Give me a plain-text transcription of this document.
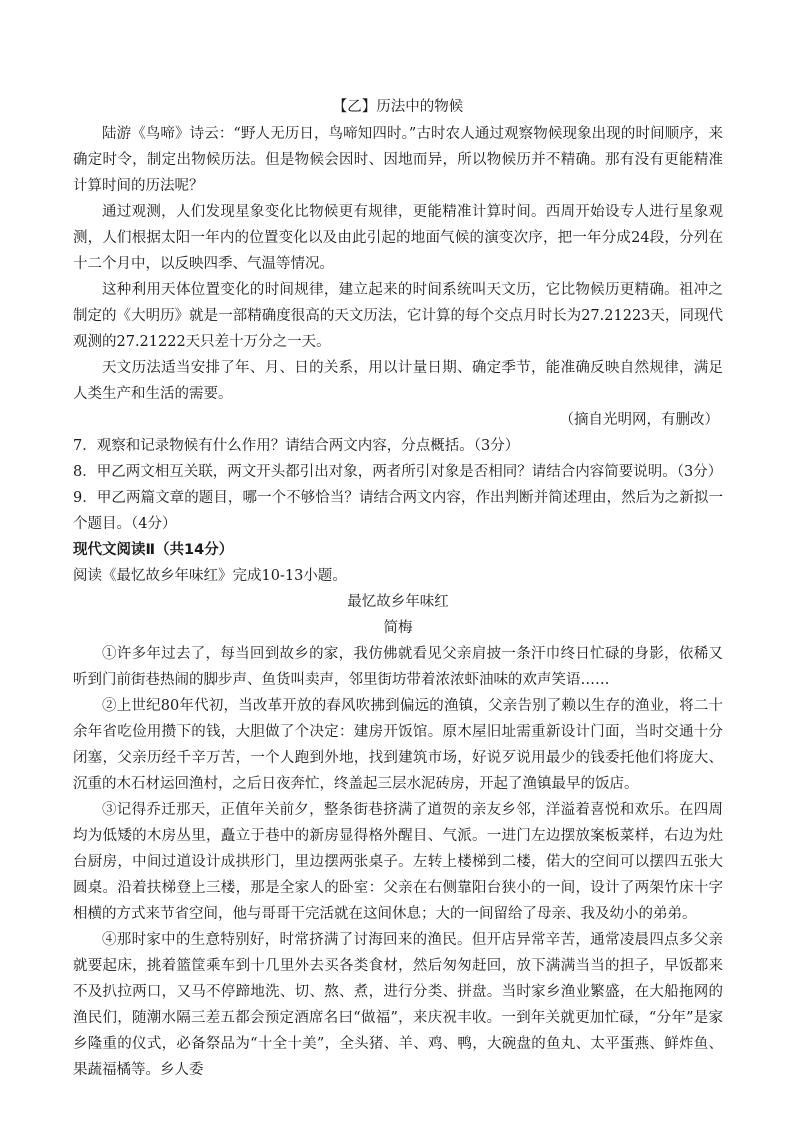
【乙】历法中的物候

陆游《鸟啼》诗云：“野人无历日，鸟啼知四时。”古时农人通过观察物候现象出现的时间顺序，来确定时令，制定出物候历法。但是物候会因时、因地而异，所以物候历并不精确。那有没有更能精准计算时间的历法呢？

通过观测，人们发现星象变化比物候更有规律，更能精准计算时间。西周开始设专人进行星象观测，人们根据太阳一年内的位置变化以及由此引起的地面气候的演变次序，把一年分成24段，分列在十二个月中，以反映四季、气温等情况。

这种利用天体位置变化的时间规律，建立起来的时间系统叫天文历，它比物候历更精确。祖冲之制定的《大明历》就是一部精确度很高的天文历法，它计算的每个交点月时长为27.21223天，同现代观测的27.21222天只差十万分之一天。

天文历法适当安排了年、月、日的关系，用以计量日期、确定季节，能准确反映自然规律，满足人类生产和生活的需要。

（摘自光明网，有删改）

7．观察和记录物候有什么作用？请结合两文内容，分点概括。（3分）

8．甲乙两文相互关联，两文开头都引出对象，两者所引对象是否相同？请结合内容简要说明。（3分）

9．甲乙两篇文章的题目，哪一个不够恰当？请结合两文内容，作出判断并简述理由，然后为之新拟一个题目。（4分）

现代文阅读Ⅱ（共14分）

阅读《最忆故乡年味红》完成10-13小题。

最忆故乡年味红

简梅

①许多年过去了，每当回到故乡的家，我仿佛就看见父亲肩披一条汗巾终日忙碌的身影，依稀又听到门前街巷热闹的脚步声、鱼货叫卖声，邻里街坊带着浓浓虾油味的欢声笑语……

②上世纪80年代初，当改革开放的春风吹拂到偏远的渔镇，父亲告别了赖以生存的渔业，将二十余年省吃俭用攒下的钱，大胆做了个决定：建房开饭馆。原木屋旧址需重新设计门面，当时交通十分闭塞，父亲历经千辛万苦，一个人跑到外地，找到建筑市场，好说歹说用最少的钱委托他们将庞大、沉重的木石材运回渔村，之后日夜奔忙，终盖起三层水泥砖房，开起了渔镇最早的饭店。

③记得乔迁那天，正值年关前夕，整条街巷挤满了道贺的亲友乡邻，洋溢着喜悦和欢乐。在四周均为低矮的木房丛里，矗立于巷中的新房显得格外醒目、气派。一进门左边摆放案板菜样，右边为灶台厨房，中间过道设计成拱形门，里边摆两张桌子。左转上楼梯到二楼，偌大的空间可以摆四五张大圆桌。沿着扶梯登上三楼，那是全家人的卧室：父亲在右侧靠阳台狭小的一间，设计了两架竹床十字相横的方式来节省空间，他与哥哥干完活就在这间休息；大的一间留给了母亲、我及幼小的弟弟。

④那时家中的生意特别好，时常挤满了讨海回来的渔民。但开店异常辛苦，通常凌晨四点多父亲就要起床，挑着篮筐乘车到十几里外去买各类食材，然后匆匆赶回，放下满满当当的担子，早饭都来不及扒拉两口，又马不停蹄地洗、切、熬、煮，进行分类、拼盘。当时家乡渔业繁盛，在大船拖网的渔民们，随潮水隔三差五都会预定酒席名曰“做福”，来庆祝丰收。一到年关就更加忙碌，“分年”是家乡隆重的仪式，必备祭品为“十全十美”，全头猪、羊、鸡、鸭，大碗盘的鱼丸、太平蛋燕、鲜炸鱼、果蔬福橘等。乡人委
